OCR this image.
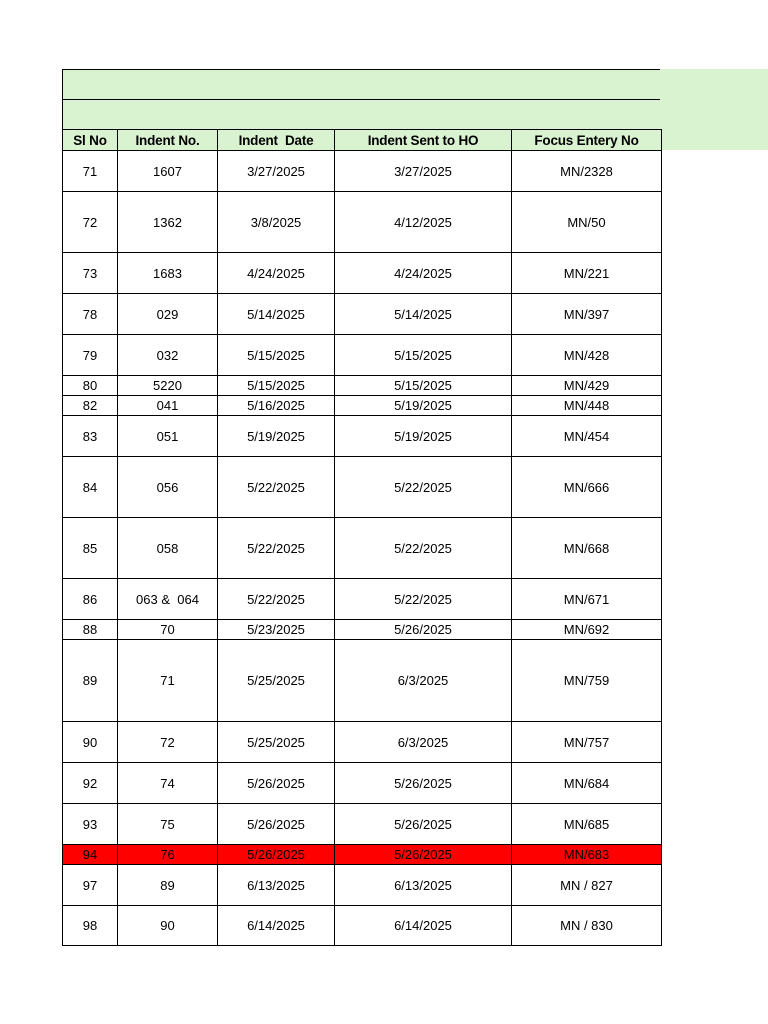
Sl No	Indent No.	Indent  Date	Indent Sent to HO	Focus Entery No
71	1607	3/27/2025	3/27/2025	MN/2328
72	1362	3/8/2025	4/12/2025	MN/50
73	1683	4/24/2025	4/24/2025	MN/221
78	029	5/14/2025	5/14/2025	MN/397
79	032	5/15/2025	5/15/2025	MN/428
80	5220	5/15/2025	5/15/2025	MN/429
82	041	5/16/2025	5/19/2025	MN/448
83	051	5/19/2025	5/19/2025	MN/454
84	056	5/22/2025	5/22/2025	MN/666
85	058	5/22/2025	5/22/2025	MN/668
86	063 &  064	5/22/2025	5/22/2025	MN/671
88	70	5/23/2025	5/26/2025	MN/692
89	71	5/25/2025	6/3/2025	MN/759
90	72	5/25/2025	6/3/2025	MN/757
92	74	5/26/2025	5/26/2025	MN/684
93	75	5/26/2025	5/26/2025	MN/685
94	76	5/26/2025	5/26/2025	MN/683
97	89	6/13/2025	6/13/2025	MN / 827
98	90	6/14/2025	6/14/2025	MN / 830
